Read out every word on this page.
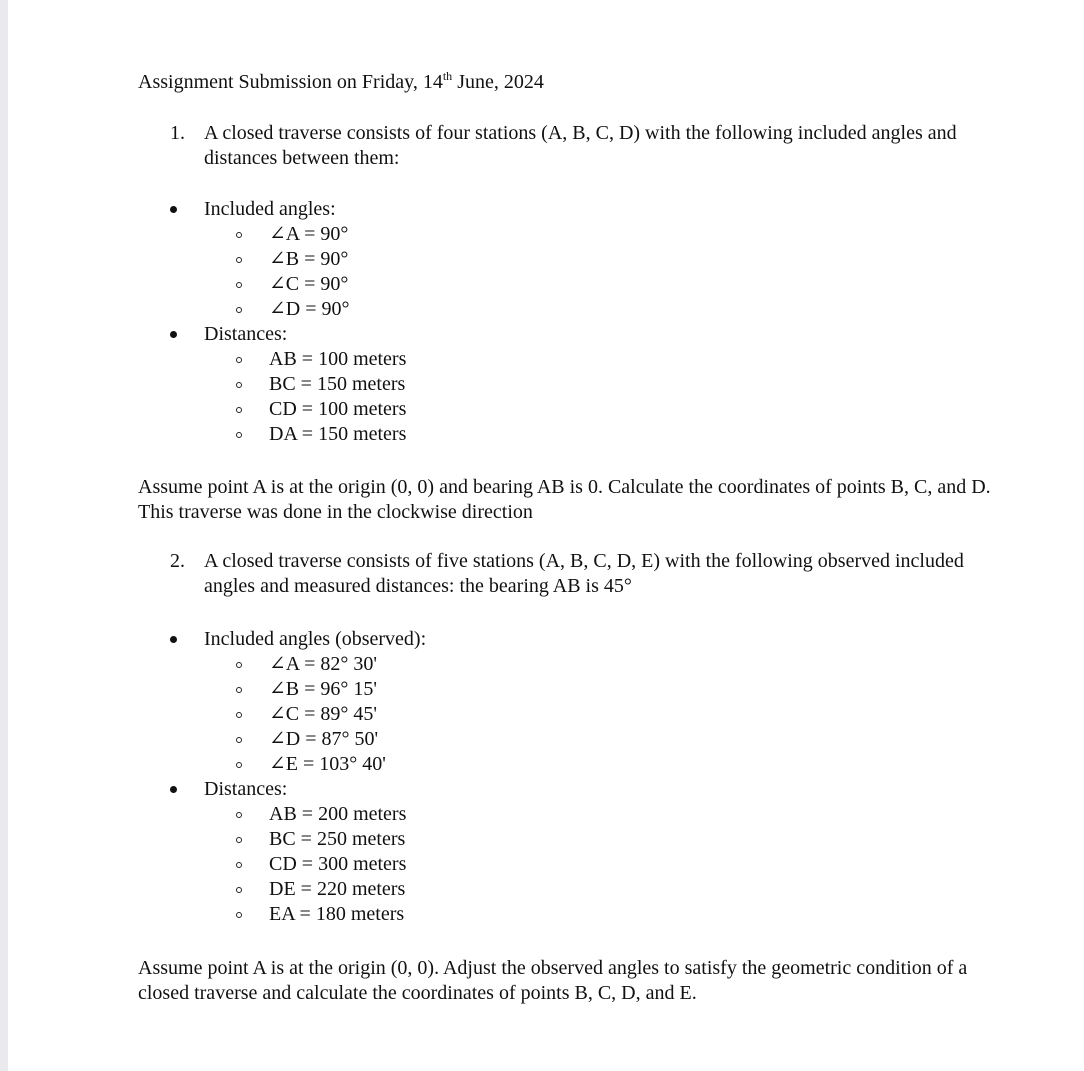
Assignment Submission on Friday, 14th June, 2024
1. A closed traverse consists of four stations (A, B, C, D) with the following included angles and distances between them:
Included angles:
∠A = 90°
∠B = 90°
∠C = 90°
∠D = 90°
Distances:
AB = 100 meters
BC = 150 meters
CD = 100 meters
DA = 150 meters
Assume point A is at the origin (0, 0) and bearing AB is 0. Calculate the coordinates of points B, C, and D. This traverse was done in the clockwise direction
2. A closed traverse consists of five stations (A, B, C, D, E) with the following observed included angles and measured distances: the bearing AB is 45°
Included angles (observed):
∠A = 82° 30'
∠B = 96° 15'
∠C = 89° 45'
∠D = 87° 50'
∠E = 103° 40'
Distances:
AB = 200 meters
BC = 250 meters
CD = 300 meters
DE = 220 meters
EA = 180 meters
Assume point A is at the origin (0, 0). Adjust the observed angles to satisfy the geometric condition of a closed traverse and calculate the coordinates of points B, C, D, and E.
